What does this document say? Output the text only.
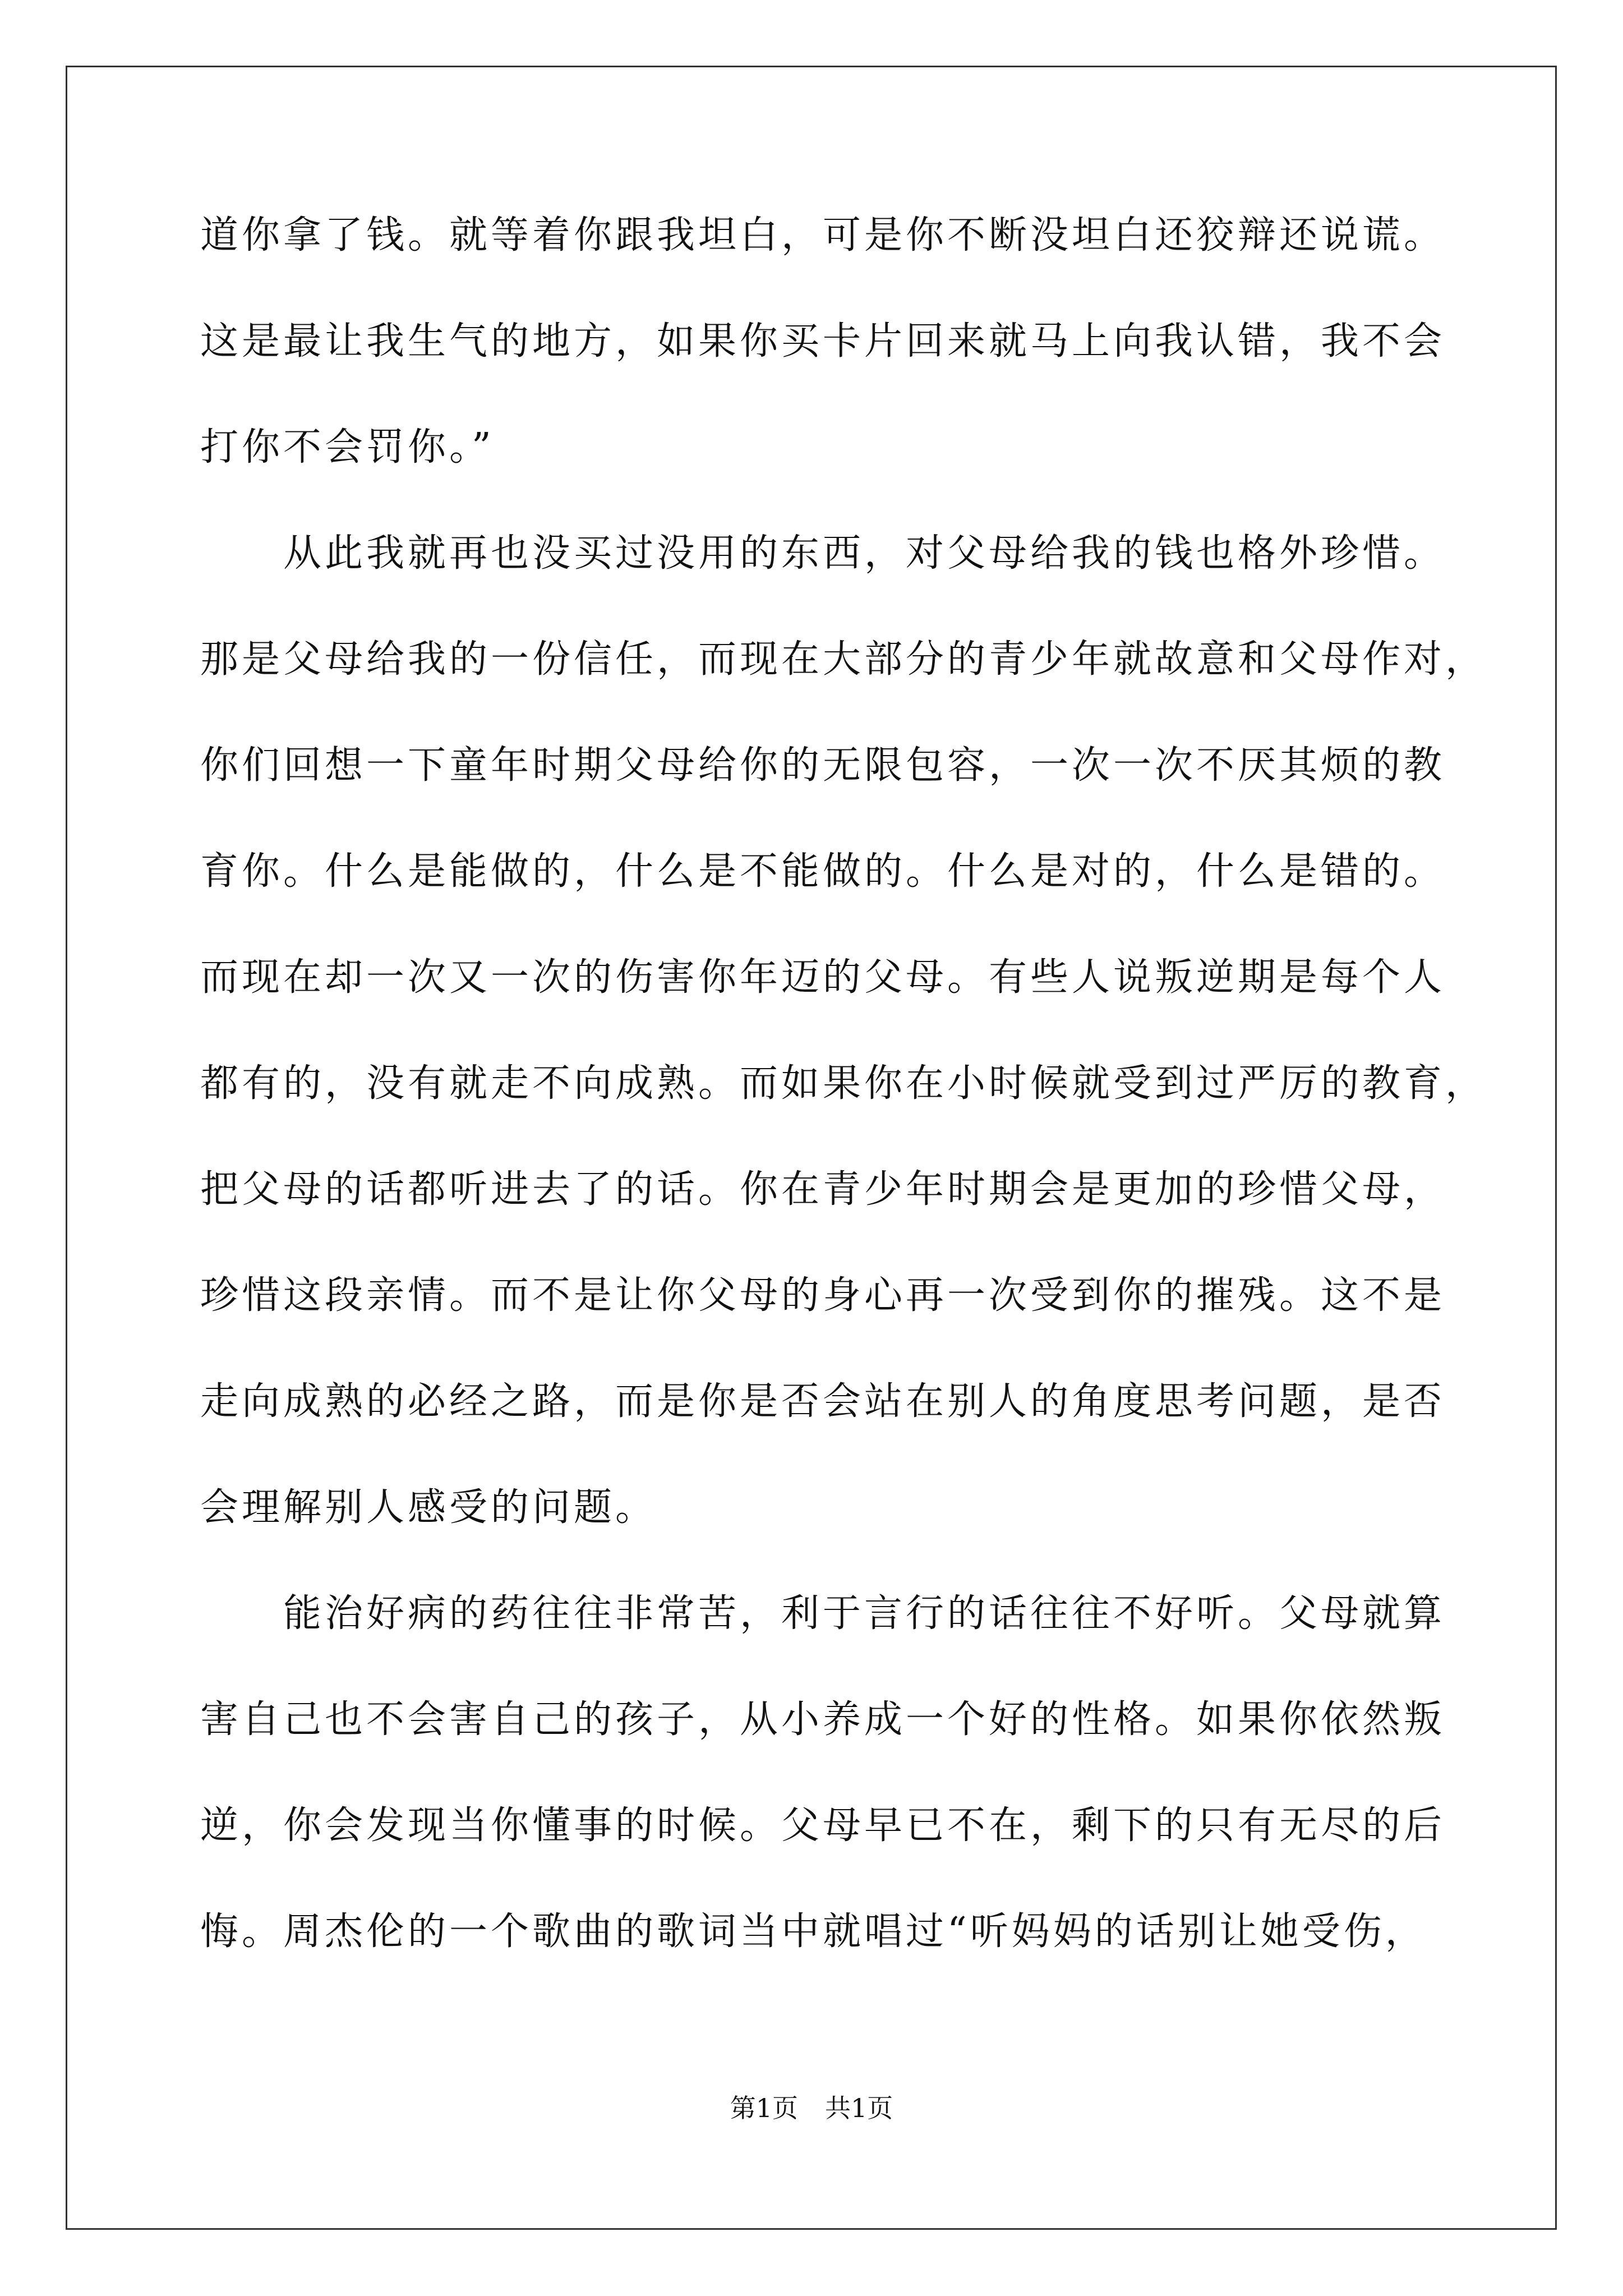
道你拿了钱。就等着你跟我坦白，可是你不断没坦白还狡辩还说谎。
这是最让我生气的地方，如果你买卡片回来就马上向我认错，我不会
打你不会罚你。”
从此我就再也没买过没用的东西，对父母给我的钱也格外珍惜。
那是父母给我的一份信任，而现在大部分的青少年就故意和父母作对，
你们回想一下童年时期父母给你的无限包容，一次一次不厌其烦的教
育你。什么是能做的，什么是不能做的。什么是对的，什么是错的。
而现在却一次又一次的伤害你年迈的父母。有些人说叛逆期是每个人
都有的，没有就走不向成熟。而如果你在小时候就受到过严厉的教育，
把父母的话都听进去了的话。你在青少年时期会是更加的珍惜父母，
珍惜这段亲情。而不是让你父母的身心再一次受到你的摧残。这不是
走向成熟的必经之路，而是你是否会站在别人的角度思考问题，是否
会理解别人感受的问题。
能治好病的药往往非常苦，利于言行的话往往不好听。父母就算
害自己也不会害自己的孩子，从小养成一个好的性格。如果你依然叛
逆，你会发现当你懂事的时候。父母早已不在，剩下的只有无尽的后
悔。周杰伦的一个歌曲的歌词当中就唱过“听妈妈的话别让她受伤，
第1页 共1页
